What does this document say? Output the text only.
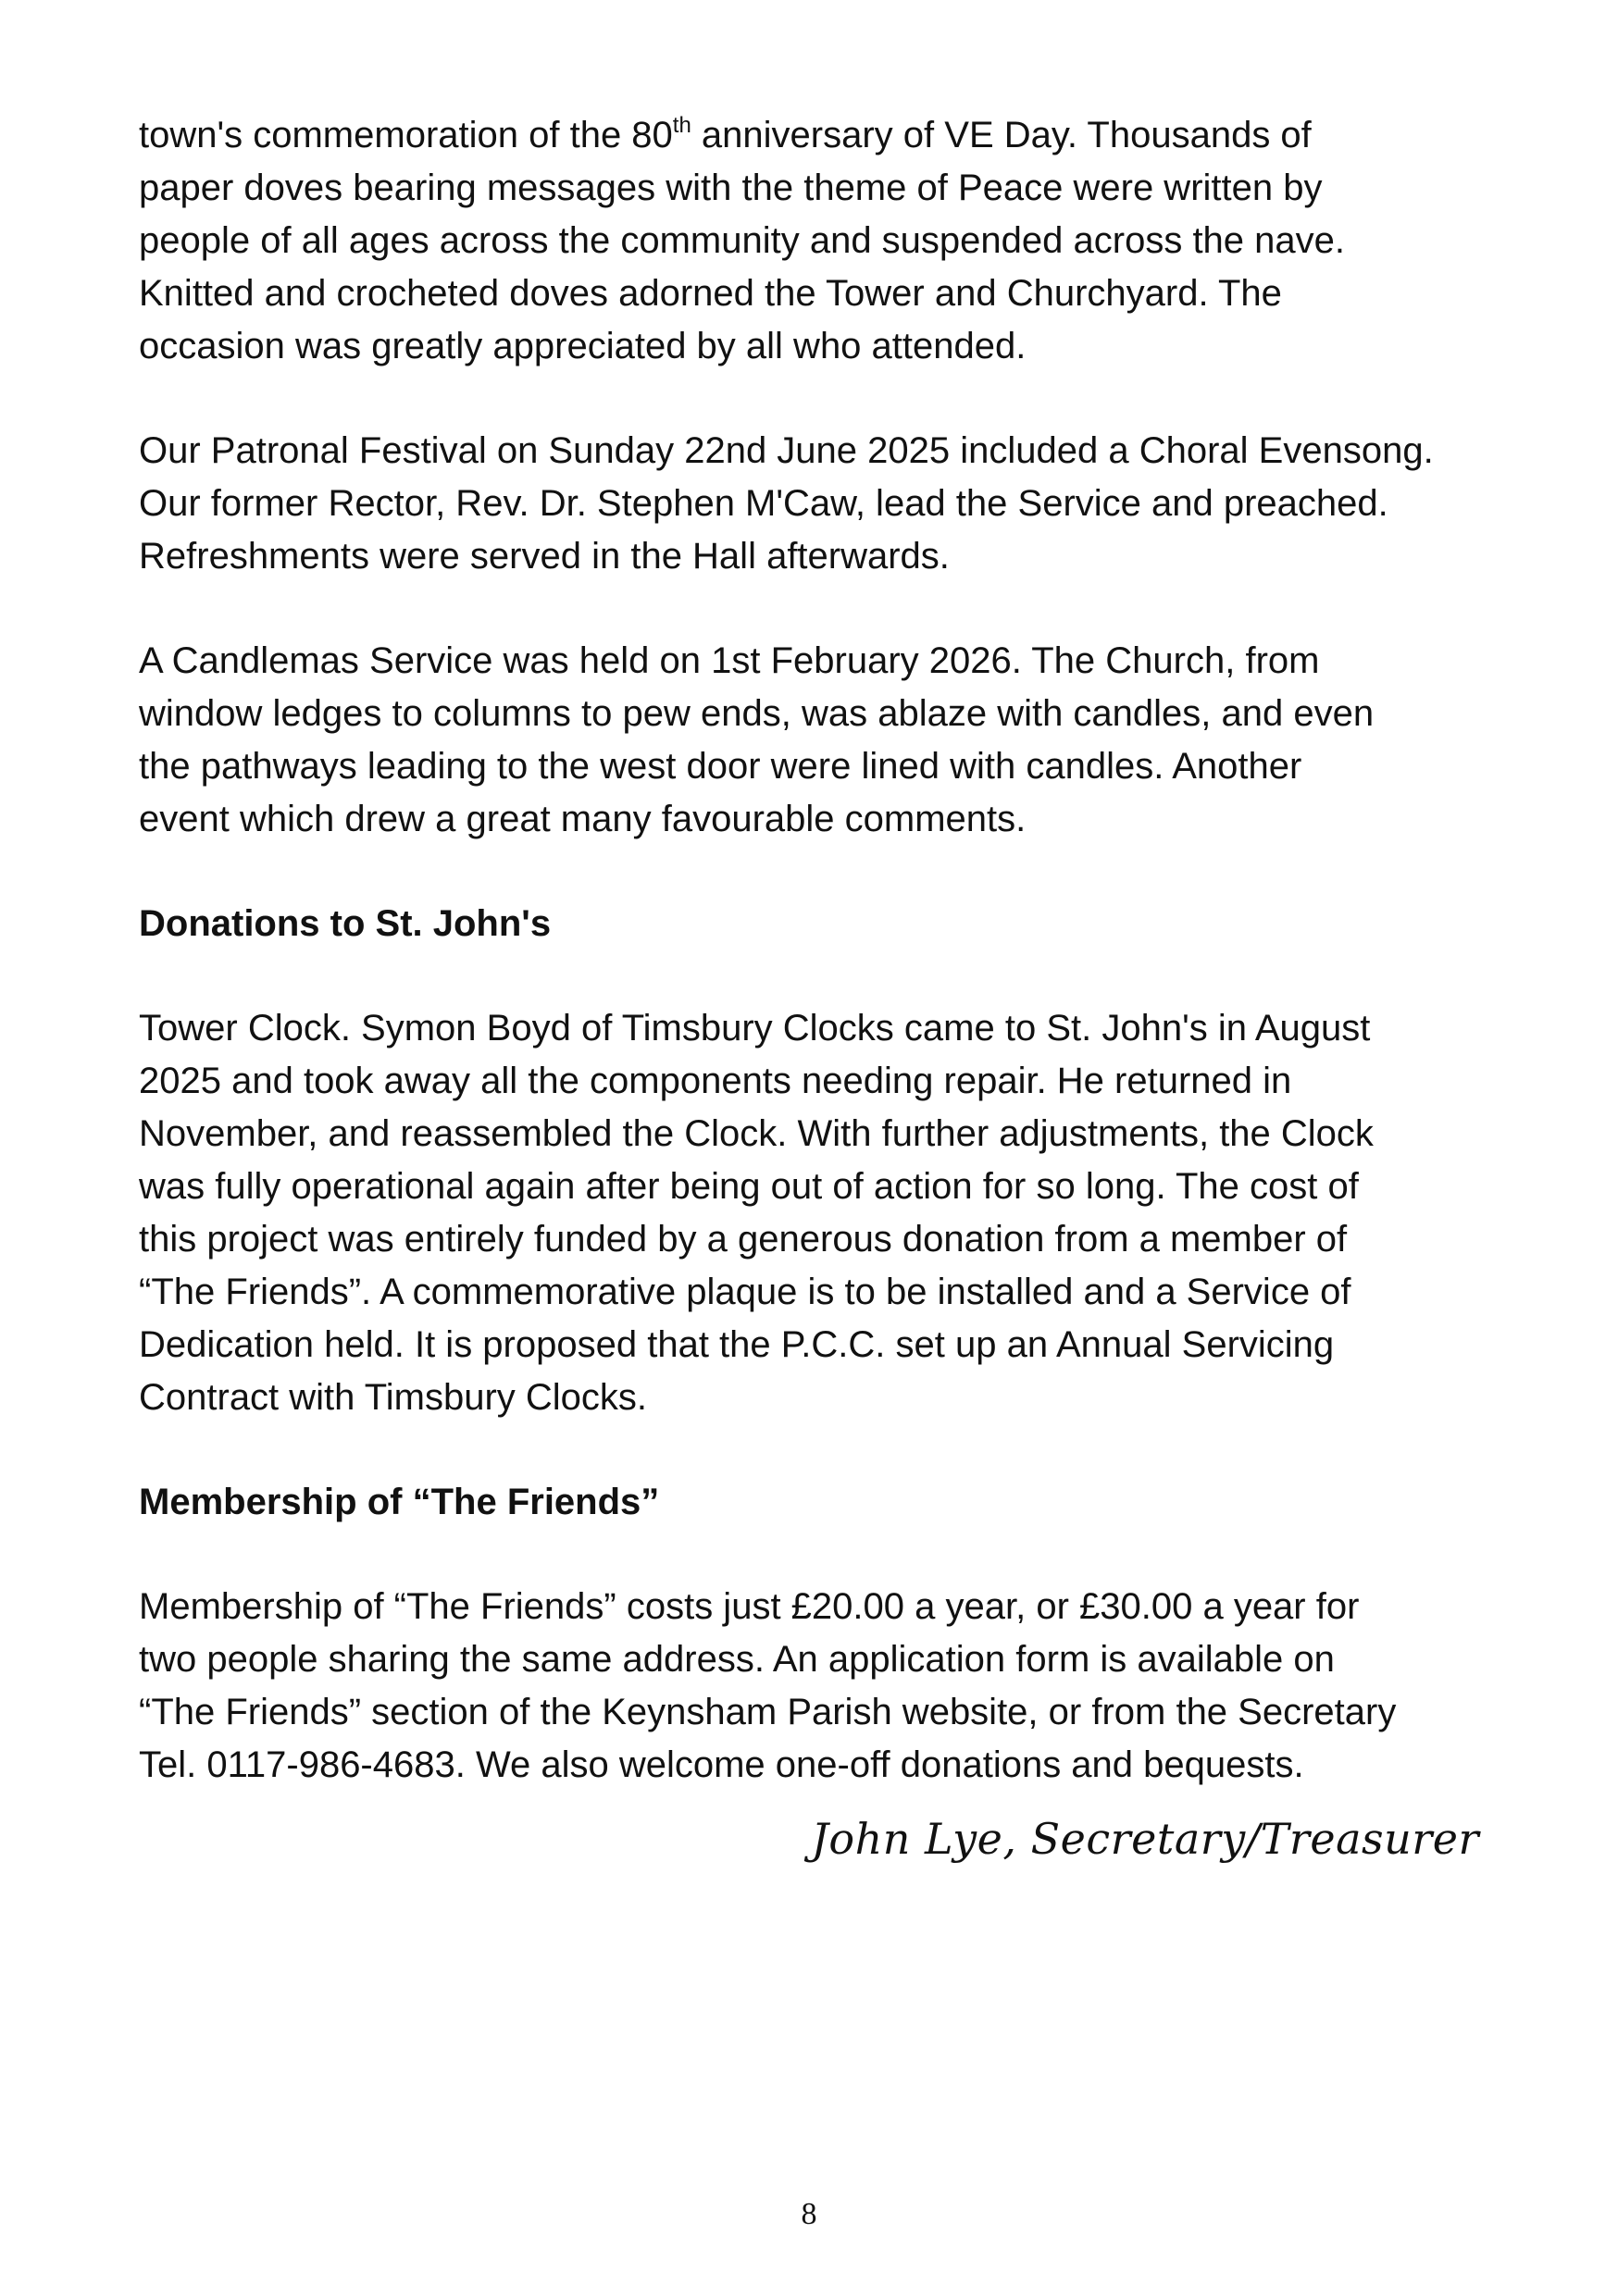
town's commemoration of the 80th anniversary of VE Day. Thousands of
paper doves bearing messages with the theme of Peace were written by
people of all ages across the community and suspended across the nave.
Knitted and crocheted doves adorned the Tower and Churchyard. The
occasion was greatly appreciated by all who attended.

Our Patronal Festival on Sunday 22nd June 2025 included a Choral Evensong.
Our former Rector, Rev. Dr. Stephen M'Caw, lead the Service and preached.
Refreshments were served in the Hall afterwards.

A Candlemas Service was held on 1st February 2026. The Church, from
window ledges to columns to pew ends, was ablaze with candles, and even
the pathways leading to the west door were lined with candles. Another
event which drew a great many favourable comments.

Donations to St. John's

Tower Clock. Symon Boyd of Timsbury Clocks came to St. John's in August
2025 and took away all the components needing repair. He returned in
November, and reassembled the Clock. With further adjustments, the Clock
was fully operational again after being out of action for so long. The cost of
this project was entirely funded by a generous donation from a member of
“The Friends”. A commemorative plaque is to be installed and a Service of
Dedication held. It is proposed that the P.C.C. set up an Annual Servicing
Contract with Timsbury Clocks.

Membership of “The Friends”

Membership of “The Friends” costs just £20.00 a year, or £30.00 a year for
two people sharing the same address. An application form is available on
“The Friends” section of the Keynsham Parish website, or from the Secretary
Tel. 0117-986-4683. We also welcome one-off donations and bequests.

John Lye, Secretary/Treasurer
8
